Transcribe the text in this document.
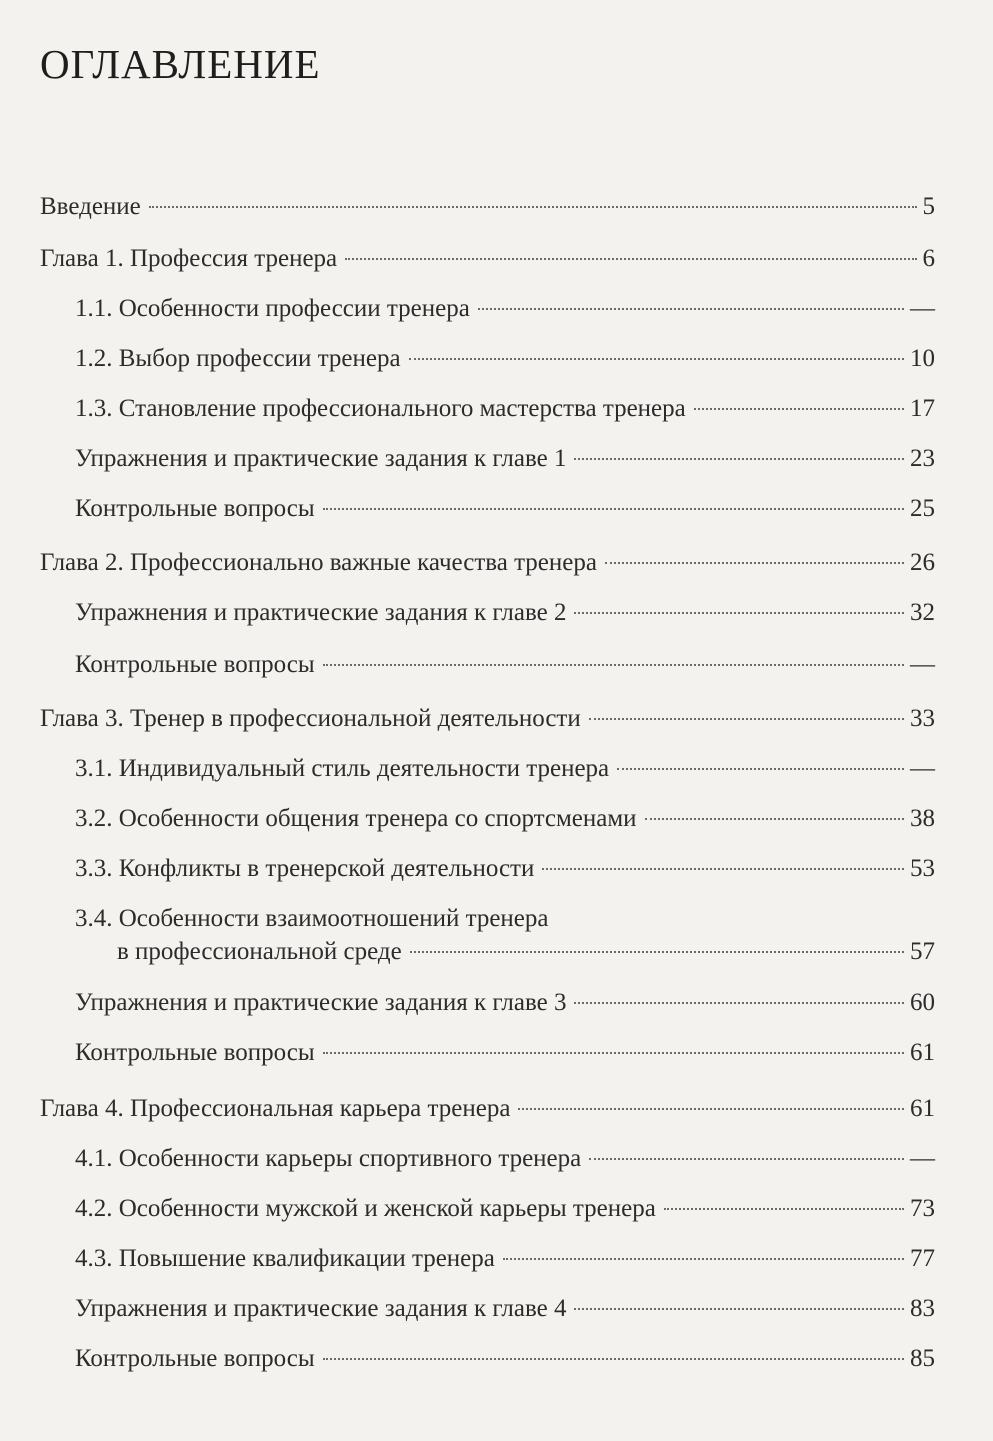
ОГЛАВЛЕНИЕ
Введение	5
Глава 1. Профессия тренера	6
1.1. Особенности профессии тренера	—
1.2. Выбор профессии тренера	10
1.3. Становление профессионального мастерства тренера	17
Упражнения и практические задания к главе 1	23
Контрольные вопросы	25
Глава 2. Профессионально важные качества тренера	26
Упражнения и практические задания к главе 2	32
Контрольные вопросы	—
Глава 3. Тренер в профессиональной деятельности	33
3.1. Индивидуальный стиль деятельности тренера	—
3.2. Особенности общения тренера со спортсменами	38
3.3. Конфликты в тренерской деятельности	53
3.4. Особенности взаимоотношений тренера
в профессиональной среде	57
Упражнения и практические задания к главе 3	60
Контрольные вопросы	61
Глава 4. Профессиональная карьера тренера	61
4.1. Особенности карьеры спортивного тренера	—
4.2. Особенности мужской и женской карьеры тренера	73
4.3. Повышение квалификации тренера	77
Упражнения и практические задания к главе 4	83
Контрольные вопросы	85
